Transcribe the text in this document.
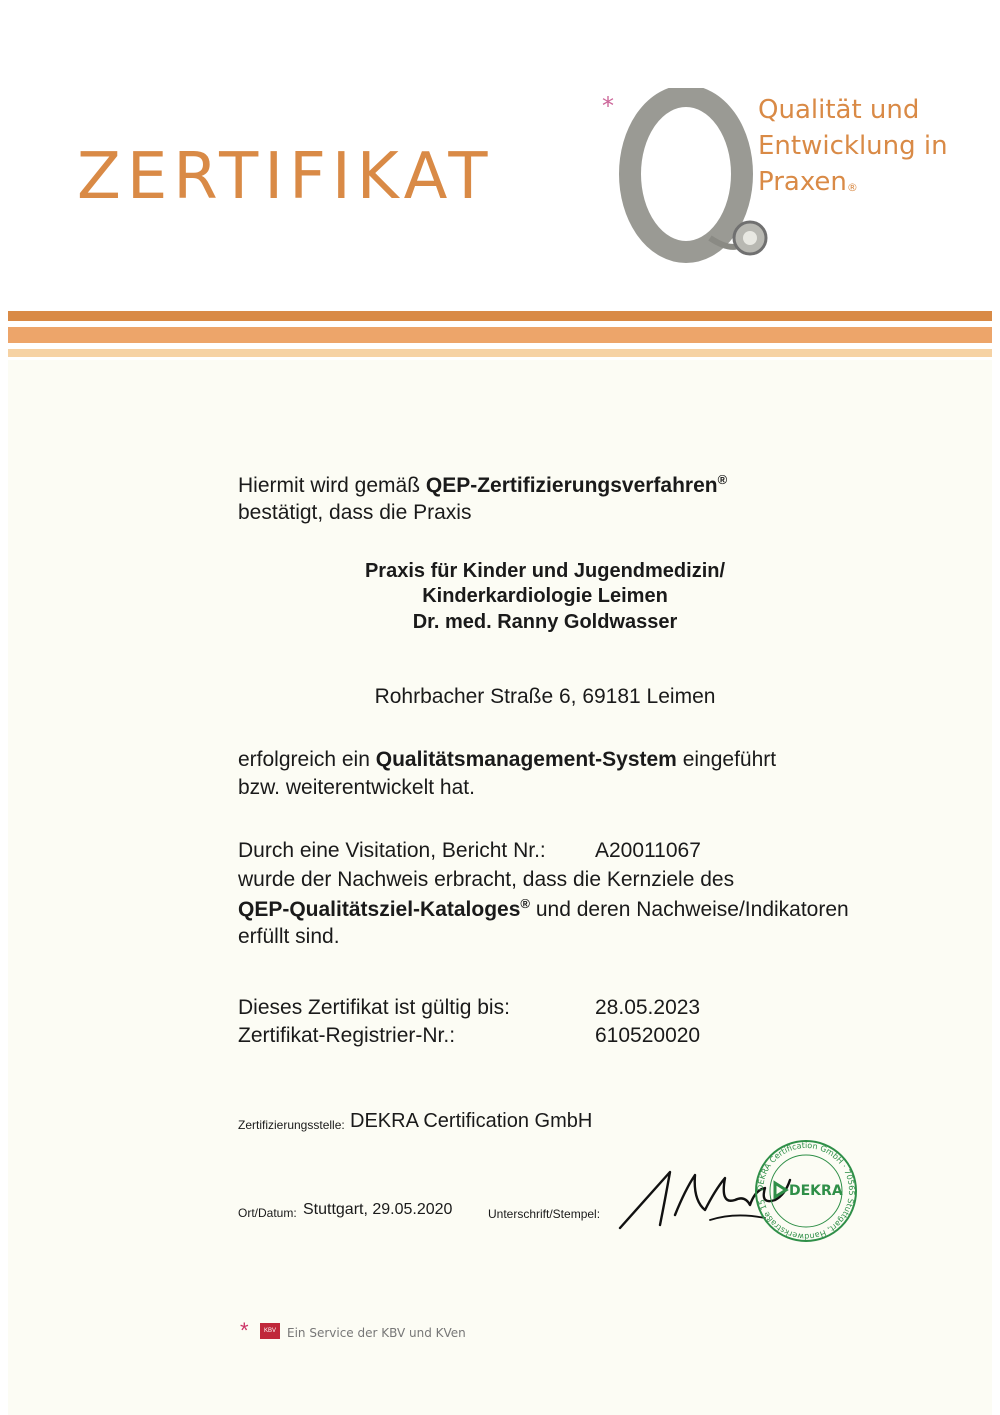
ZERTIFIKAT
*	Qualität und
Entwicklung in
Praxen®
Hiermit wird gemäß QEP-Zertifizierungsverfahren®
bestätigt, dass die Praxis
Praxis für Kinder und Jugendmedizin/
Kinderkardiologie Leimen
Dr. med. Ranny Goldwasser
Rohrbacher Straße 6, 69181 Leimen
erfolgreich ein Qualitätsmanagement-System eingeführt
bzw. weiterentwickelt hat.
Durch eine Visitation, Bericht Nr.: A20011067
wurde der Nachweis erbracht, dass die Kernziele des
QEP-Qualitätsziel-Kataloges® und deren Nachweise/Indikatoren
erfüllt sind.
Dieses Zertifikat ist gültig bis:	28.05.2023
Zertifikat-Registrier-Nr.:	610520020
Zertifizierungsstelle: DEKRA Certification GmbH
Ort/Datum: Stuttgart, 29.05.2020	Unterschrift/Stempel:
DEKRA Certification GmbH · 70565 Stuttgart, Handwerkstraße 15
DEKRA
*	KBV Ein Service der KBV und KVen
